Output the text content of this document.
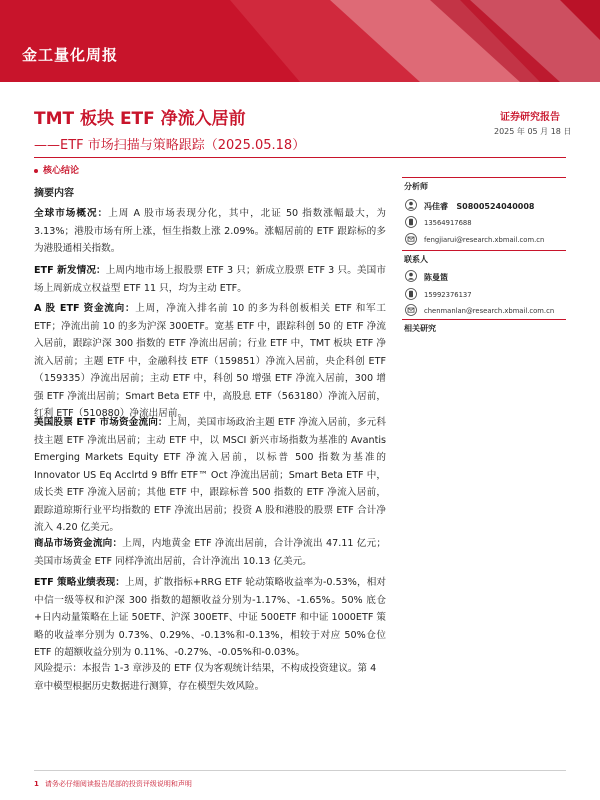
金工量化周报
TMT 板块 ETF 净流入居前
——ETF 市场扫描与策略跟踪（2025.05.18）
证券研究报告
2025 年 05 月 18 日
核心结论
摘要内容
全球市场概况：上周 A 股市场表现分化，其中，北证 50 指数涨幅最大，为 3.13%；港股市场有所上涨，恒生指数上涨 2.09%。涨幅居前的 ETF 跟踪标的多为港股通相关指数。
ETF 新发情况：上周内地市场上报股票 ETF 3 只；新成立股票 ETF 3 只。美国市场上周新成立权益型 ETF 11 只，均为主动 ETF。
A 股 ETF 资金流向：上周，净流入排名前 10 的多为科创板相关 ETF 和军工 ETF；净流出前 10 的多为沪深 300ETF。宽基 ETF 中，跟踪科创 50 的 ETF 净流入居前，跟踪沪深 300 指数的 ETF 净流出居前；行业 ETF 中，TMT 板块 ETF 净流入居前；主题 ETF 中，金融科技 ETF（159851）净流入居前，央企科创 ETF（159335）净流出居前；主动 ETF 中，科创 50 增强 ETF 净流入居前，300 增强 ETF 净流出居前；Smart Beta ETF 中，高股息 ETF（563180）净流入居前，红利 ETF（510880）净流出居前。
美国股票 ETF 市场资金流向：上周，美国市场政治主题 ETF 净流入居前，多元科技主题 ETF 净流出居前；主动 ETF 中，以 MSCI 新兴市场指数为基准的 Avantis Emerging Markets Equity ETF 净流入居前，以标普 500 指数为基准的 Innovator US Eq Acclrtd 9 Bffr ETF™ Oct 净流出居前；Smart Beta ETF 中，成长类 ETF 净流入居前；其他 ETF 中，跟踪标普 500 指数的 ETF 净流入居前，跟踪道琼斯行业平均指数的 ETF 净流出居前；投资 A 股和港股的股票 ETF 合计净流入 4.20 亿美元。
商品市场资金流向：上周，内地黄金 ETF 净流出居前，合计净流出 47.11 亿元；美国市场黄金 ETF 同样净流出居前，合计净流出 10.13 亿美元。
ETF 策略业绩表现：上周，扩散指标+RRG ETF 轮动策略收益率为-0.53%，相对中信一级等权和沪深 300 指数的超额收益分别为-1.17%、-1.65%。50% 底仓+日内动量策略在上证 50ETF、沪深 300ETF、中证 500ETF 和中证 1000ETF 策略的收益率分别为 0.73%、0.29%、-0.13%和-0.13%，相较于对应 50%仓位 ETF 的超额收益分别为 0.11%、-0.27%、-0.05%和-0.03%。
风险提示：本报告 1-3 章涉及的 ETF 仅为客观统计结果，不构成投资建议。第 4 章中模型根据历史数据进行测算，存在模型失效风险。
分析师
冯佳睿 S0800524040008
13564917688
fengjiarui@research.xbmail.com.cn
联系人
陈曼篮
15992376137
chenmanlan@research.xbmail.com.cn
相关研究
1 请务必仔细阅读报告尾部的投资评级说明和声明
